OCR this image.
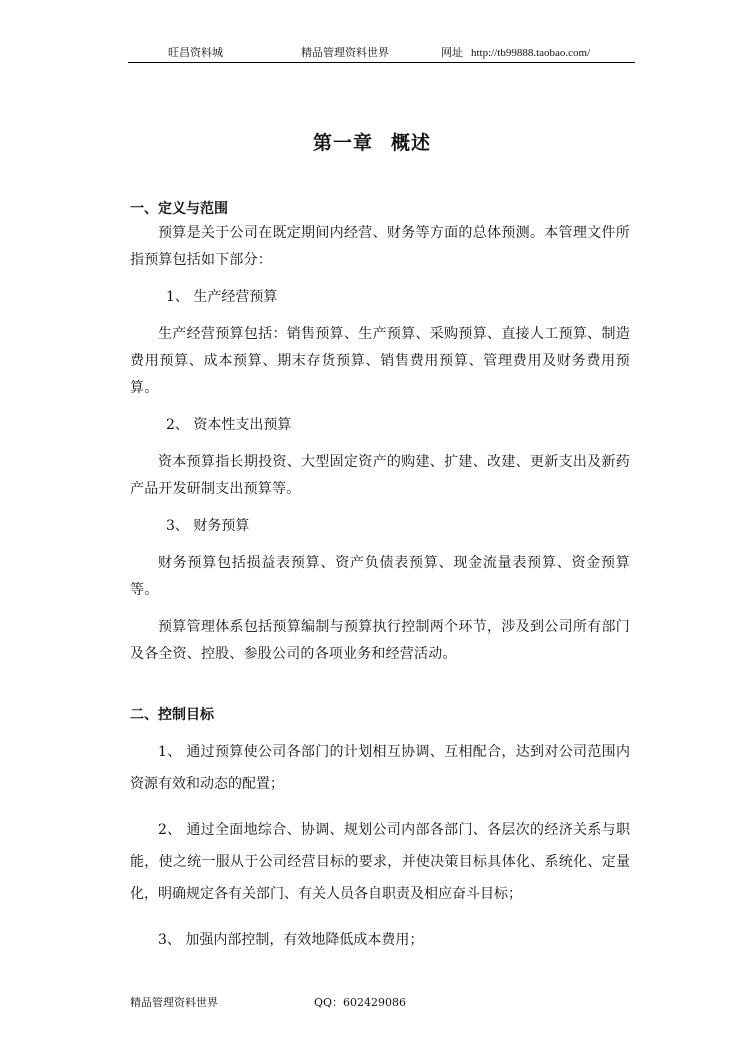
旺昌资料城	精品管理资料世界	网址 http://tb99888.taobao.com/
第一章 概述

一、定义与范围

预算是关于公司在既定期间内经营、财务等方面的总体预测。本管理文件所指预算包括如下部分：

1、 生产经营预算

生产经营预算包括：销售预算、生产预算、采购预算、直接人工预算、制造费用预算、成本预算、期末存货预算、销售费用预算、管理费用及财务费用预算。

2、 资本性支出预算

资本预算指长期投资、大型固定资产的购建、扩建、改建、更新支出及新药产品开发研制支出预算等。

3、 财务预算

财务预算包括损益表预算、资产负债表预算、现金流量表预算、资金预算等。

预算管理体系包括预算编制与预算执行控制两个环节，涉及到公司所有部门及各全资、控股、参股公司的各项业务和经营活动。

二、控制目标

1、 通过预算使公司各部门的计划相互协调、互相配合，达到对公司范围内资源有效和动态的配置；

2、 通过全面地综合、协调、规划公司内部各部门、各层次的经济关系与职能，使之统一服从于公司经营目标的要求，并使决策目标具体化、系统化、定量化，明确规定各有关部门、有关人员各自职责及相应奋斗目标；

3、 加强内部控制，有效地降低成本费用；

精品管理资料世界	QQ：602429086
